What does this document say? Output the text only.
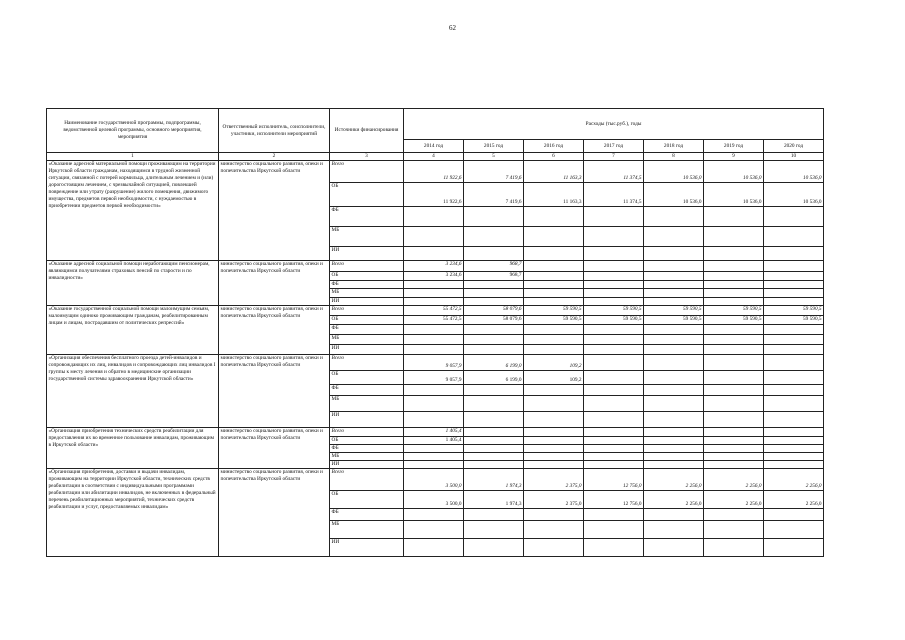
62
Наименование государственной программы, подпрограммы, ведомственной целевой программы, основного мероприятия, мероприятия	Ответственный исполнитель, соисполнители, участники, исполнители мероприятий	Источники финансирования	Расходы (тыс.руб.), годы						
			2014 год	2015 год	2016 год	2017 год	2018 год	2019 год	2020 год
1	2	3	4	5	6	7	8	9	10
«Оказание адресной материальной помощи проживающим на территории Иркутской области гражданам, находящимся в трудной жизненной ситуации, связанной с потерей кормильца, длительным лечением и (или) дорогостоящим лечением, с чрезвычайной ситуацией, повлекшей повреждение или утрату (разрушение) жилого помещения, движимого имущества, предметов первой необходимости, с нуждаемостью в приобретении предметов первой необходимости»	министерство социального развития, опеки и попечительства Иркутской области	Всего	11 922,6	7 419,6	11 163,3	11 374,5	10 536,0	10 536,0	10 536,0
		ОБ	11 922,6	7 419,6	11 163,3	11 374,5	10 536,0	10 536,0	10 536,0
		ФБ							
		МБ							
		ИИ							
«Оказание адресной социальной помощи неработающим пенсионерам, являющимся получателями страховых пенсий по старости и по инвалидности»	министерство социального развития, опеки и попечительства Иркутской области	Всего	3 234,6	968,7					
		ОБ	3 234,6	968,7					
		ФБ							
		МБ							
		ИИ							
«Оказание государственной социальной помощи малоимущим семьям, малоимущим одиноко проживающим гражданам, реабилитированным лицам и лицам, пострадавшим от политических репрессий»	министерство социального развития, опеки и попечительства Иркутской области	Всего	55 472,5	58 079,6	59 590,5	59 590,5	59 590,5	59 590,5	59 590,5
		ОБ	55 472,5	58 079,6	59 590,5	59 590,5	59 590,5	59 590,5	59 590,5
		ФБ							
		МБ							
		ИИ							
«Организация обеспечения бесплатного проезда детей-инвалидов и сопровождающих их лиц, инвалидов и сопровождающих лиц инвалидов I группы к месту лечения и обратно в медицинские организации государственной системы здравоохранения Иркутской области»	министерство социального развития, опеки и попечительства Иркутской области	Всего	9 057,9	6 199,0	109,2				
		ОБ	9 057,9	6 199,0	109,2				
		ФБ							
		МБ							
		ИИ							
«Организация приобретения технических средств реабилитации для предоставления их во временное пользование инвалидам, проживающим в Иркутской области»	министерство социального развития, опеки и попечительства Иркутской области	Всего	1 405,4						
		ОБ	1 405,4						
		ФБ							
		МБ							
		ИИ							
«Организация приобретения, доставки и выдачи инвалидам, проживающим на территории Иркутской области, технических средств реабилитации в соответствии с индивидуальными программами реабилитации или абилитации инвалидов, не включенных в федеральный перечень реабилитационных мероприятий, технических средств реабилитации и услуг, предоставляемых инвалидам»	министерство социального развития, опеки и попечительства Иркутской области	Всего	3 500,0	1 974,3	2 375,0	12 756,0	2 256,0	2 256,0	2 256,0
		ОБ	3 500,0	1 974,3	2 375,0	12 756,0	2 256,0	2 256,0	2 256,0
		ФБ							
		МБ							
		ИИ							
